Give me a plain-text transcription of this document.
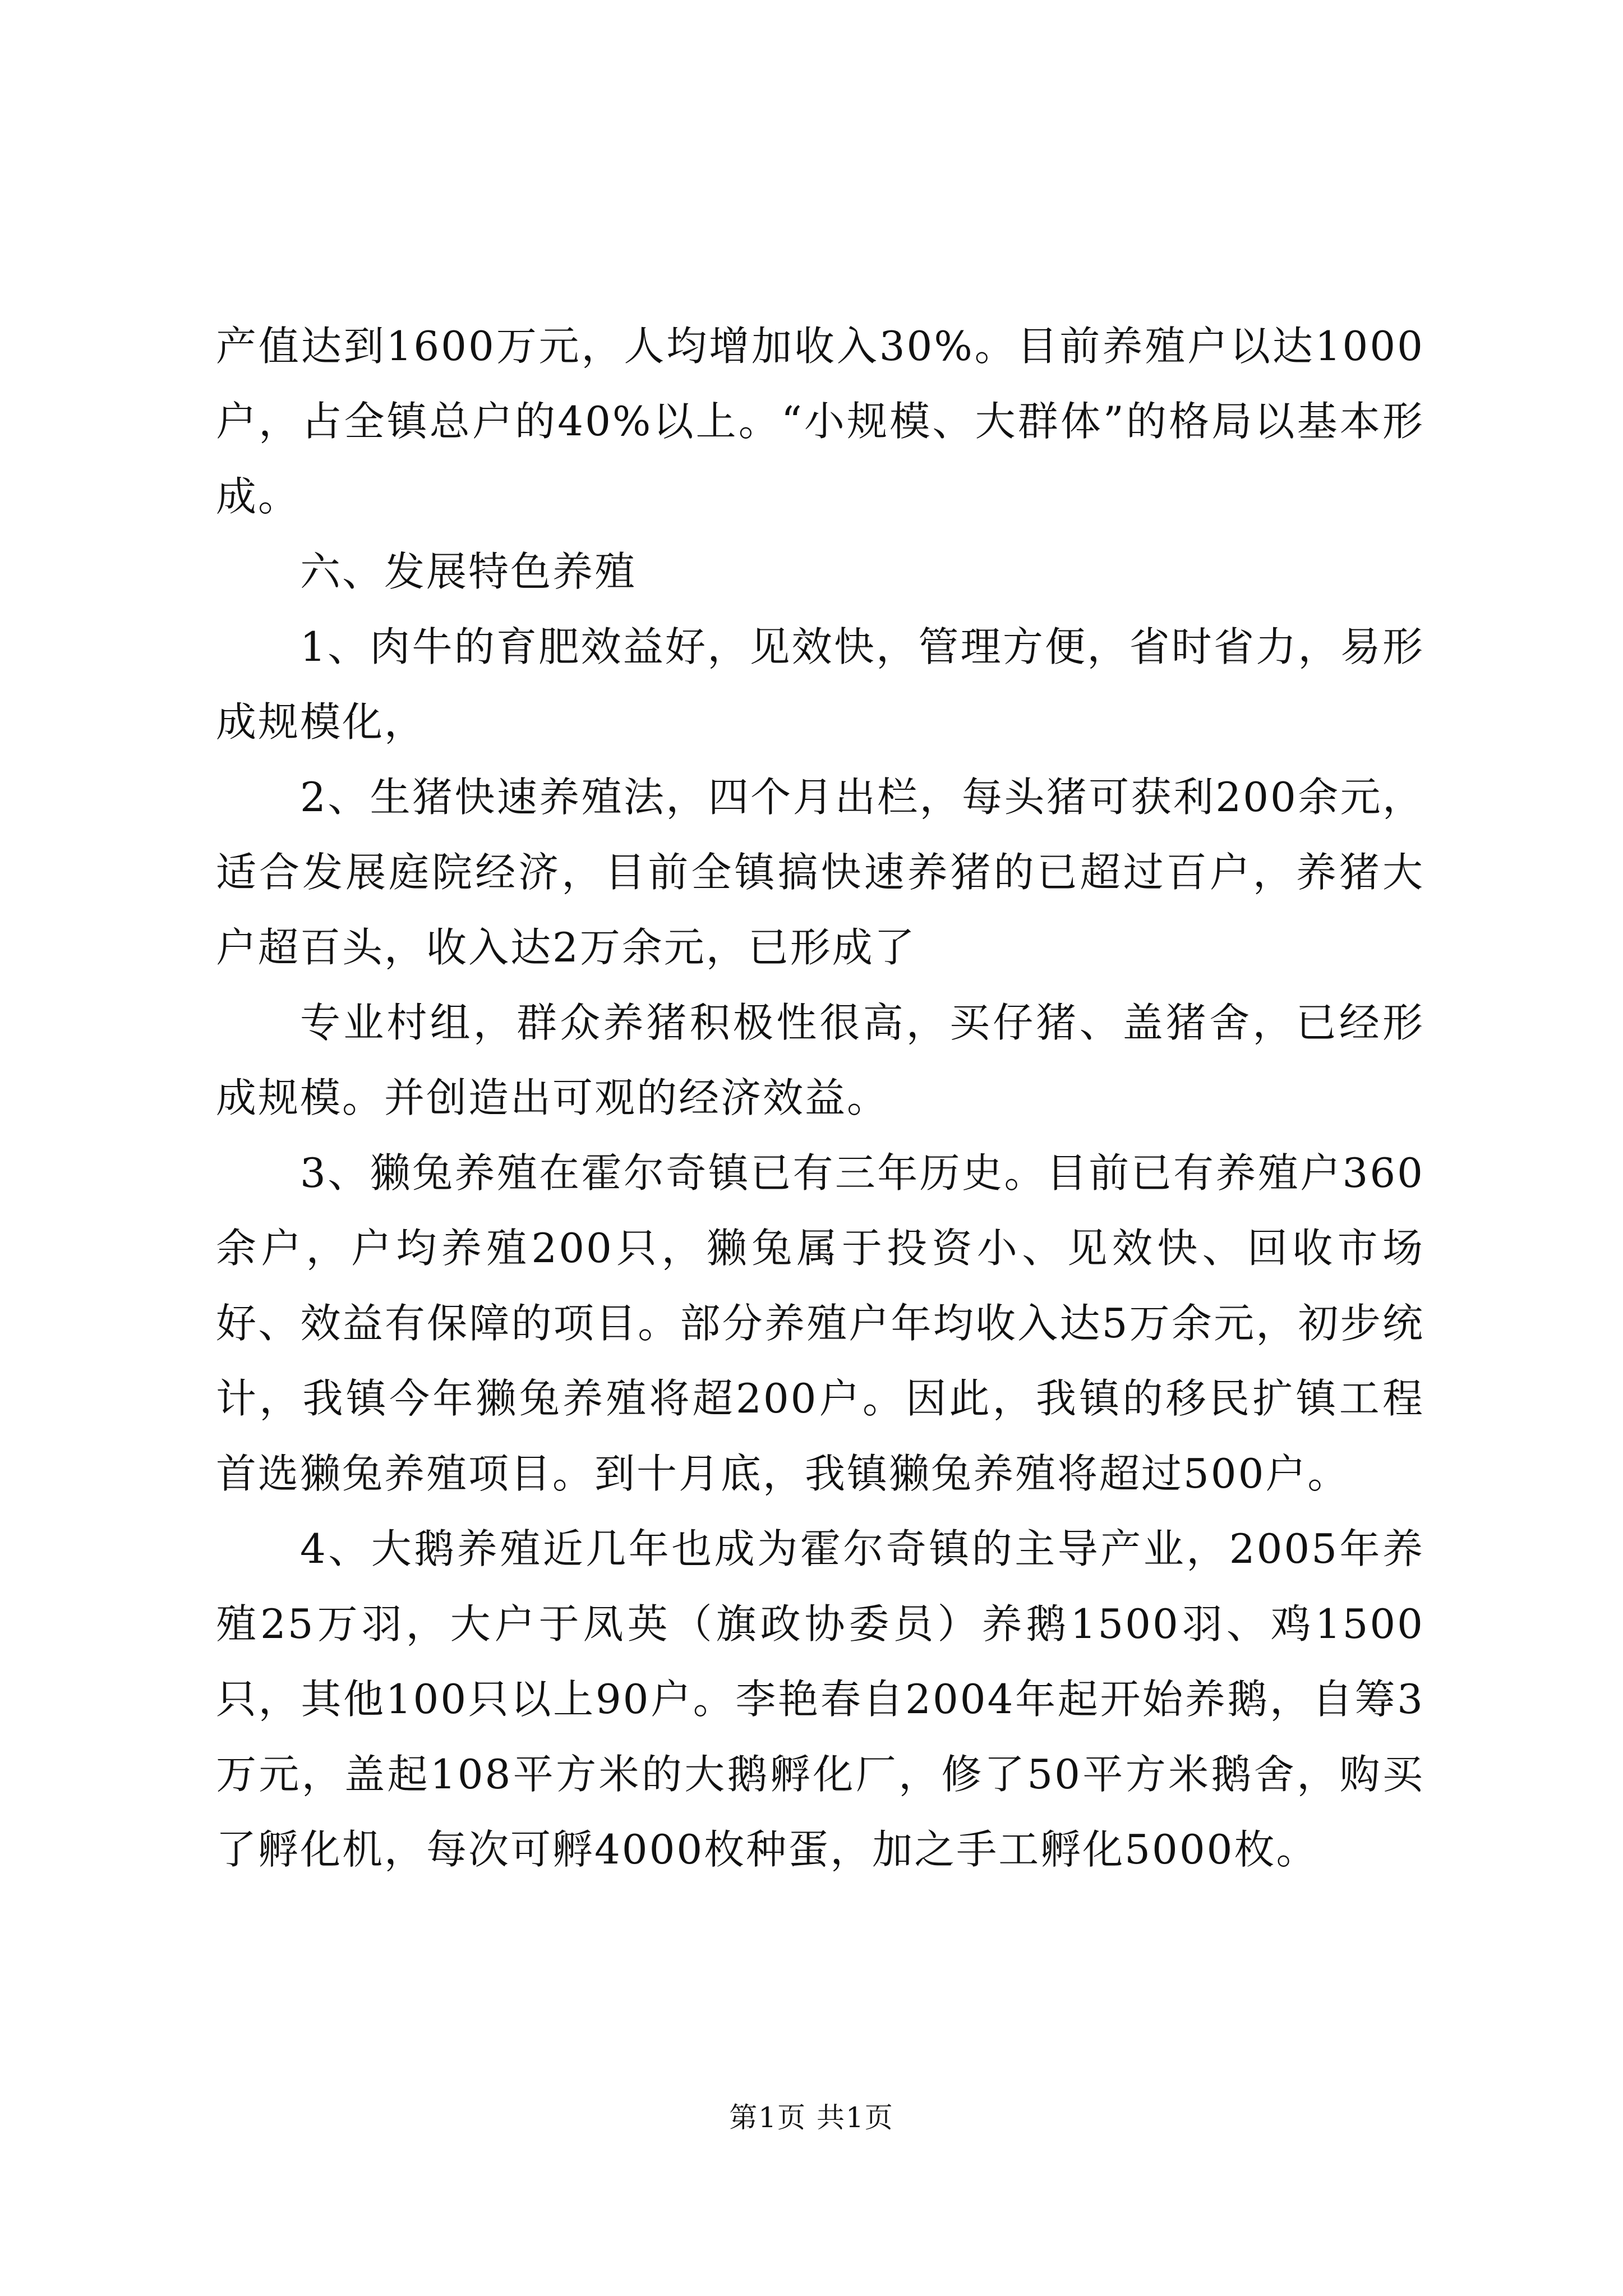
产值达到1600万元，人均增加收入30%。目前养殖户以达1000户，占全镇总户的40%以上。“小规模、大群体”的格局以基本形成。

六、发展特色养殖

1、肉牛的育肥效益好，见效快，管理方便，省时省力，易形成规模化，

2、生猪快速养殖法，四个月出栏，每头猪可获利200余元，适合发展庭院经济，目前全镇搞快速养猪的已超过百户，养猪大户超百头，收入达2万余元，已形成了

专业村组，群众养猪积极性很高，买仔猪、盖猪舍，已经形成规模。并创造出可观的经济效益。

3、獭兔养殖在霍尔奇镇已有三年历史。目前已有养殖户360余户，户均养殖200只，獭兔属于投资小、见效快、回收市场好、效益有保障的项目。部分养殖户年均收入达5万余元，初步统计，我镇今年獭兔养殖将超200户。因此，我镇的移民扩镇工程首选獭兔养殖项目。到十月底，我镇獭兔养殖将超过500户。

4、大鹅养殖近几年也成为霍尔奇镇的主导产业，2005年养殖25万羽，大户于凤英（旗政协委员）养鹅1500羽、鸡1500只，其他100只以上90户。李艳春自2004年起开始养鹅，自筹3万元，盖起108平方米的大鹅孵化厂，修了50平方米鹅舍，购买了孵化机，每次可孵4000枚种蛋，加之手工孵化5000枚。

第1页 共1页
